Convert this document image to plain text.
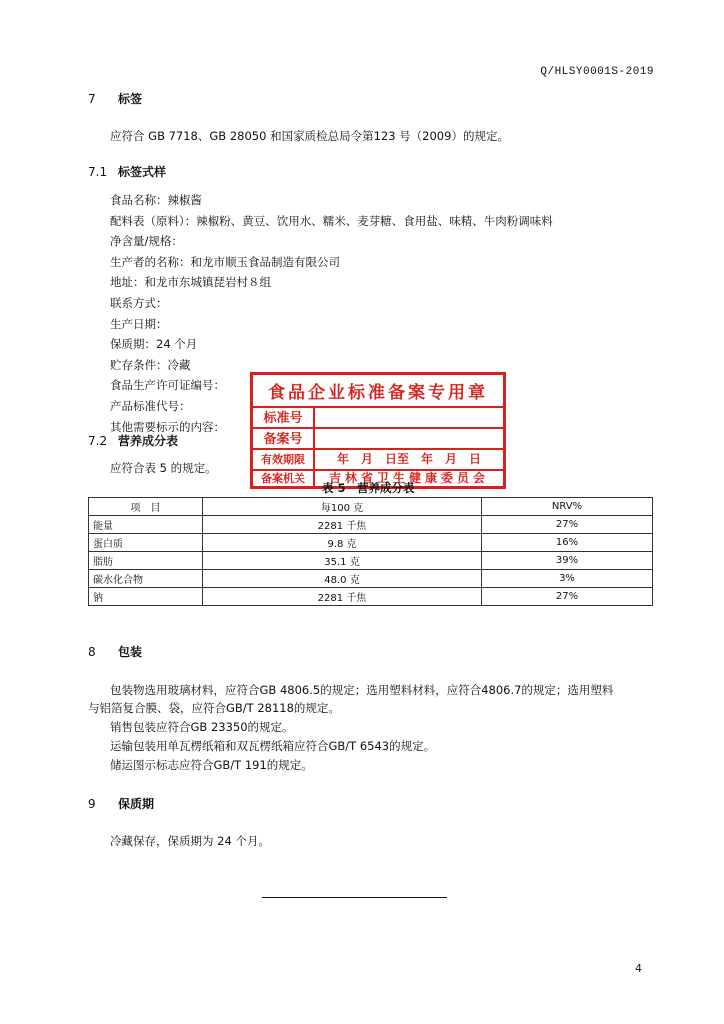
Q/HLSY0001S-2019
7 标签
应符合 GB 7718、GB 28050 和国家质检总局令第123 号（2009）的规定。
7.1 标签式样
食品名称：辣椒酱
配料表（原料）：辣椒粉、黄豆、饮用水、糯米、麦芽糖、食用盐、味精、牛肉粉调味料
净含量/规格：
生产者的名称：和龙市顺玉食品制造有限公司
地址：和龙市东城镇琵岩村８组
联系方式：
生产日期：
保质期：24 个月
贮存条件：冷藏
食品生产许可证编号：
产品标准代号：
其他需要标示的内容：
7.2 营养成分表
应符合表 5 的规定。
食品企业标准备案专用章
标准号
备案号
有效期限	年　月　日至　年　月　日
备案机关	吉林省卫生健康委员会
表 5　营养成分表
项　目	每100 克	NRV%
能量	2281 千焦	27%
蛋白质	9.8 克	16%
脂肪	35.1 克	39%
碳水化合物	48.0 克	3%
钠	2281 千焦	27%
8 包装
包装物选用玻璃材料，应符合GB 4806.5的规定；选用塑料材料，应符合4806.7的规定；选用塑料
与铝箔复合膜、袋，应符合GB/T 28118的规定。
销售包装应符合GB 23350的规定。
运输包装用单瓦楞纸箱和双瓦楞纸箱应符合GB/T 6543的规定。
储运图示标志应符合GB/T 191的规定。
9 保质期
冷藏保存，保质期为 24 个月。
4
